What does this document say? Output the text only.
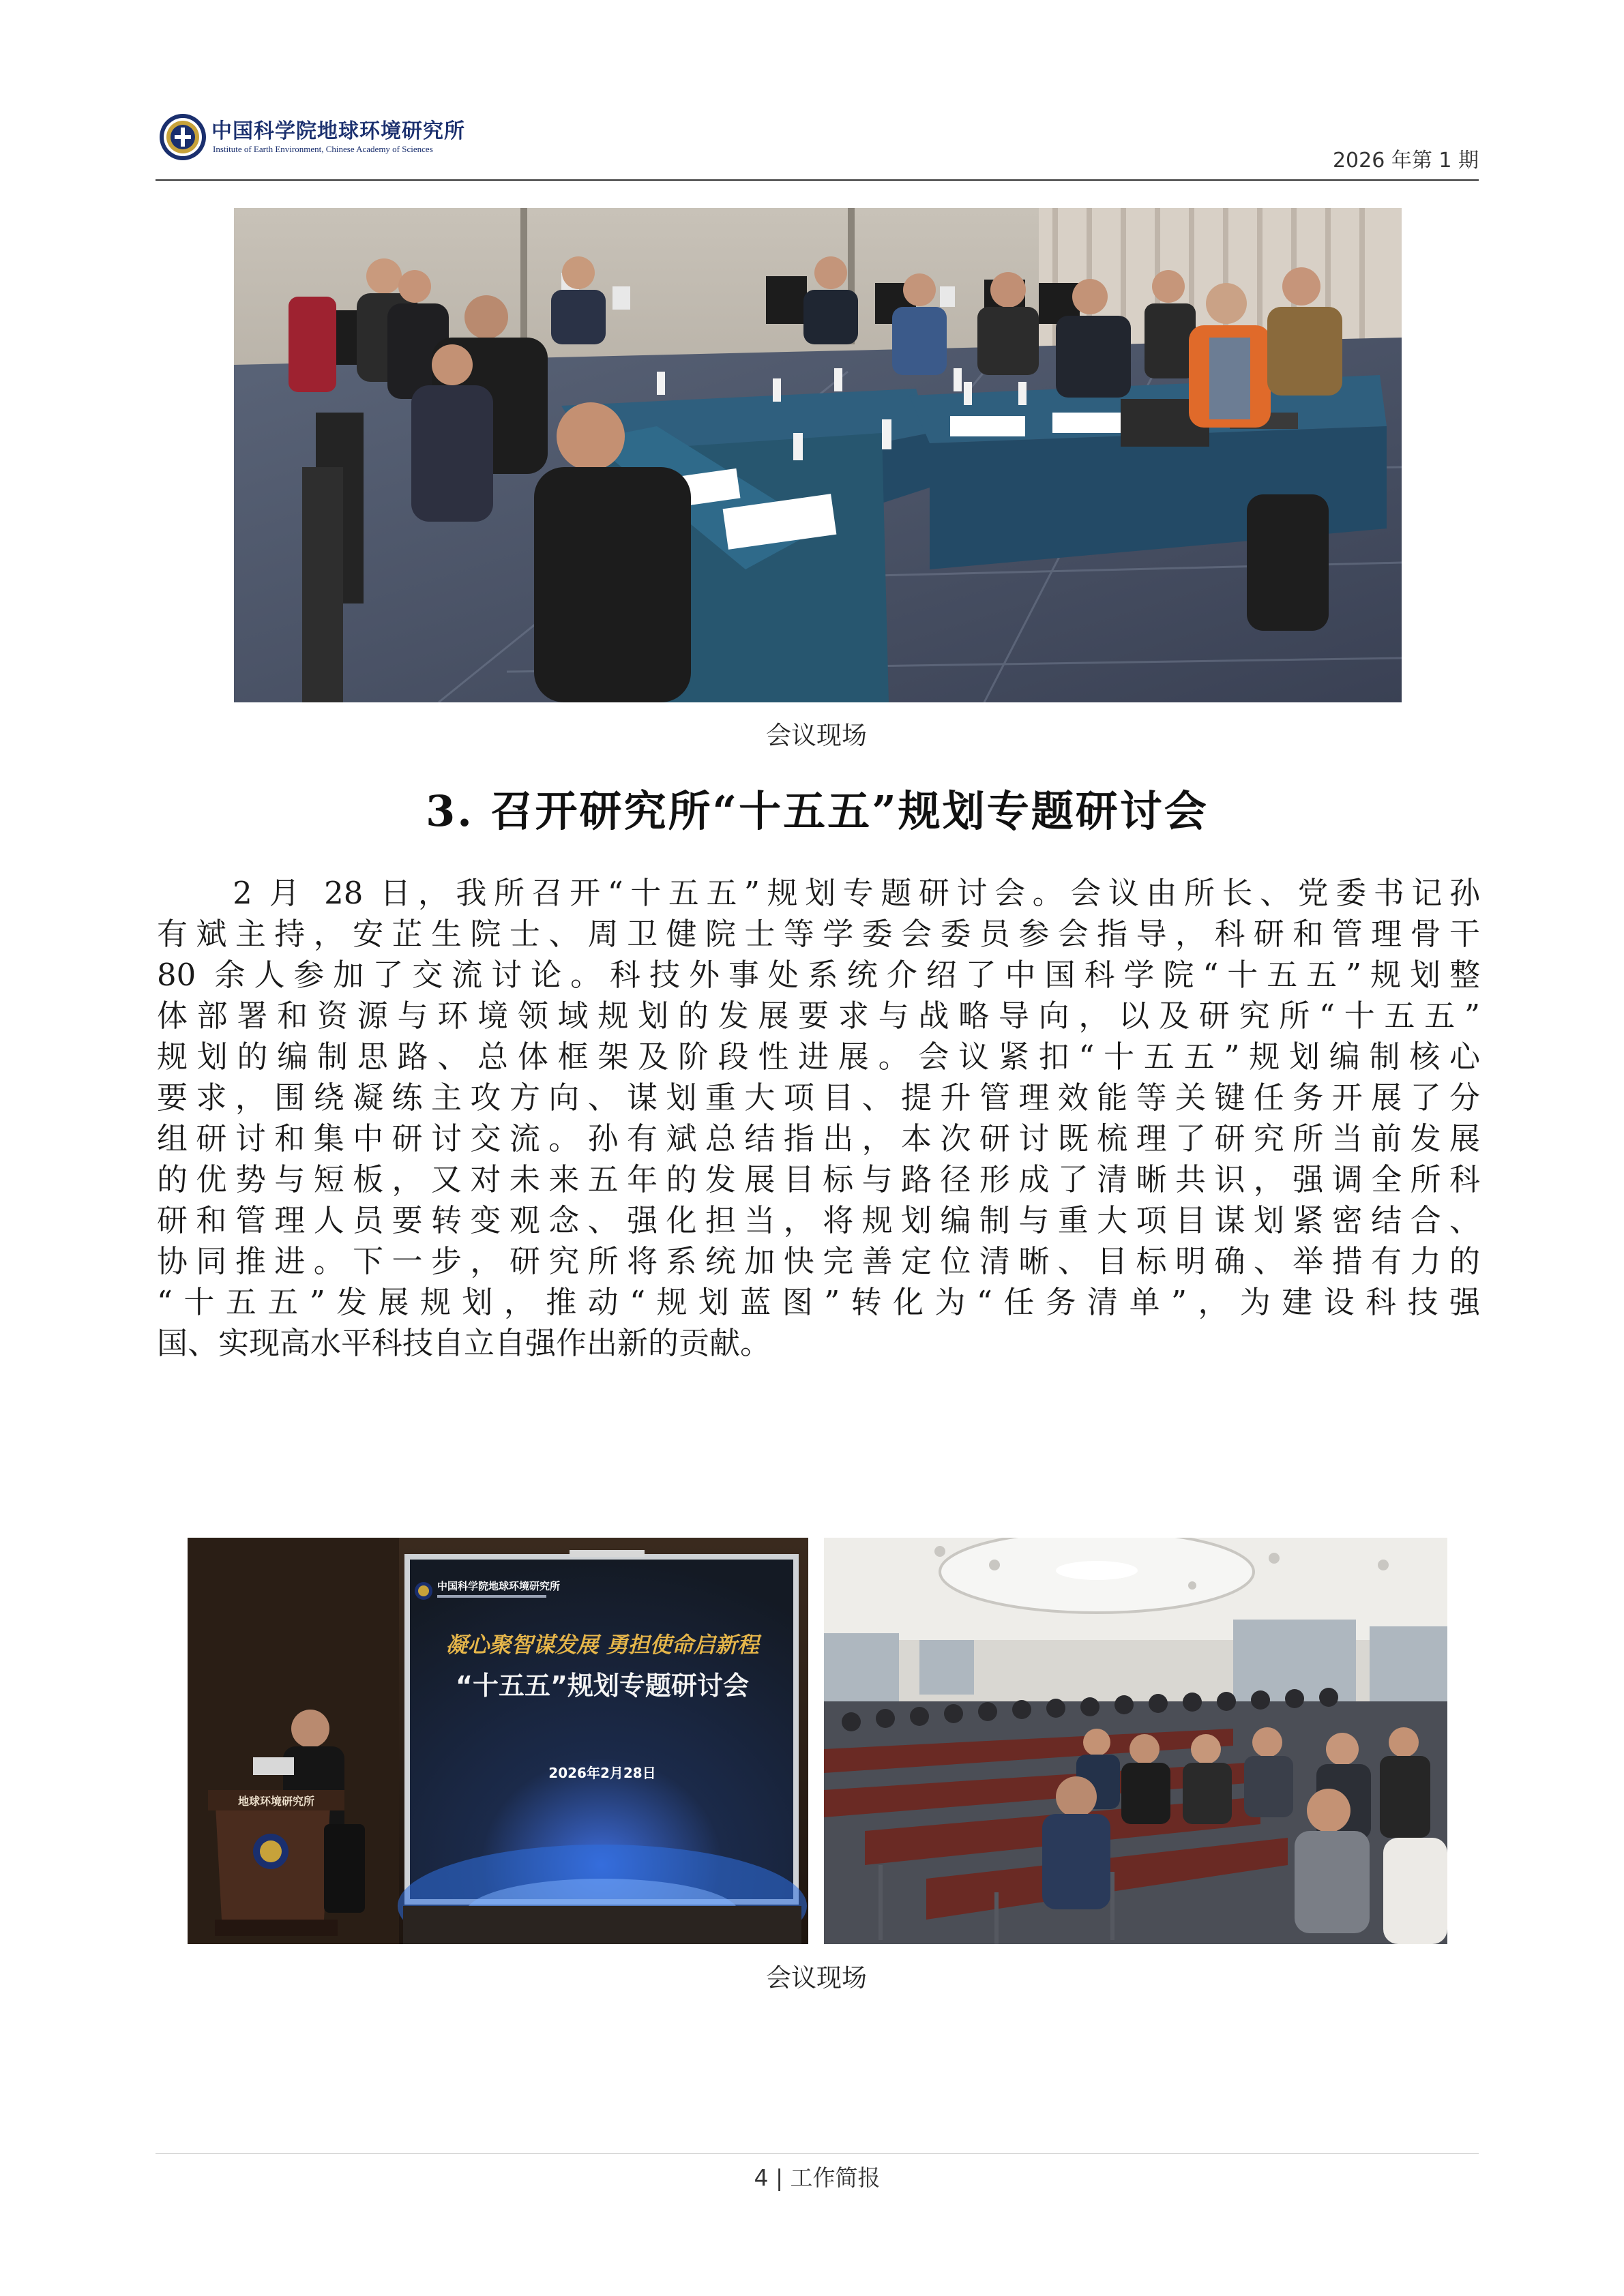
中国科学院地球环境研究所
Institute of Earth Environment, Chinese Academy of Sciences	2026 年第 1 期
会议现场
3. 召开研究所“十五五”规划专题研讨会
　　2 月 28 日，我所召开“十五五”规划专题研讨会。会议由所长、党委书记孙
有斌主持，安芷生院士、周卫健院士等学委会委员参会指导，科研和管理骨干
80 余人参加了交流讨论。科技外事处系统介绍了中国科学院“十五五”规划整
体部署和资源与环境领域规划的发展要求与战略导向，以及研究所“十五五”
规划的编制思路、总体框架及阶段性进展。会议紧扣“十五五”规划编制核心
要求，围绕凝练主攻方向、谋划重大项目、提升管理效能等关键任务开展了分
组研讨和集中研讨交流。孙有斌总结指出，本次研讨既梳理了研究所当前发展
的优势与短板，又对未来五年的发展目标与路径形成了清晰共识，强调全所科
研和管理人员要转变观念、强化担当，将规划编制与重大项目谋划紧密结合、
协同推进。下一步，研究所将系统加快完善定位清晰、目标明确、举措有力的
“十五五”发展规划，推动“规划蓝图”转化为“任务清单”，为建设科技强
国、实现高水平科技自立自强作出新的贡献。
中国科学院地球环境研究所
凝心聚智谋发展 勇担使命启新程
“十五五”规划专题研讨会
2026年2月28日
地球环境研究所
会议现场
4 | 工作简报
